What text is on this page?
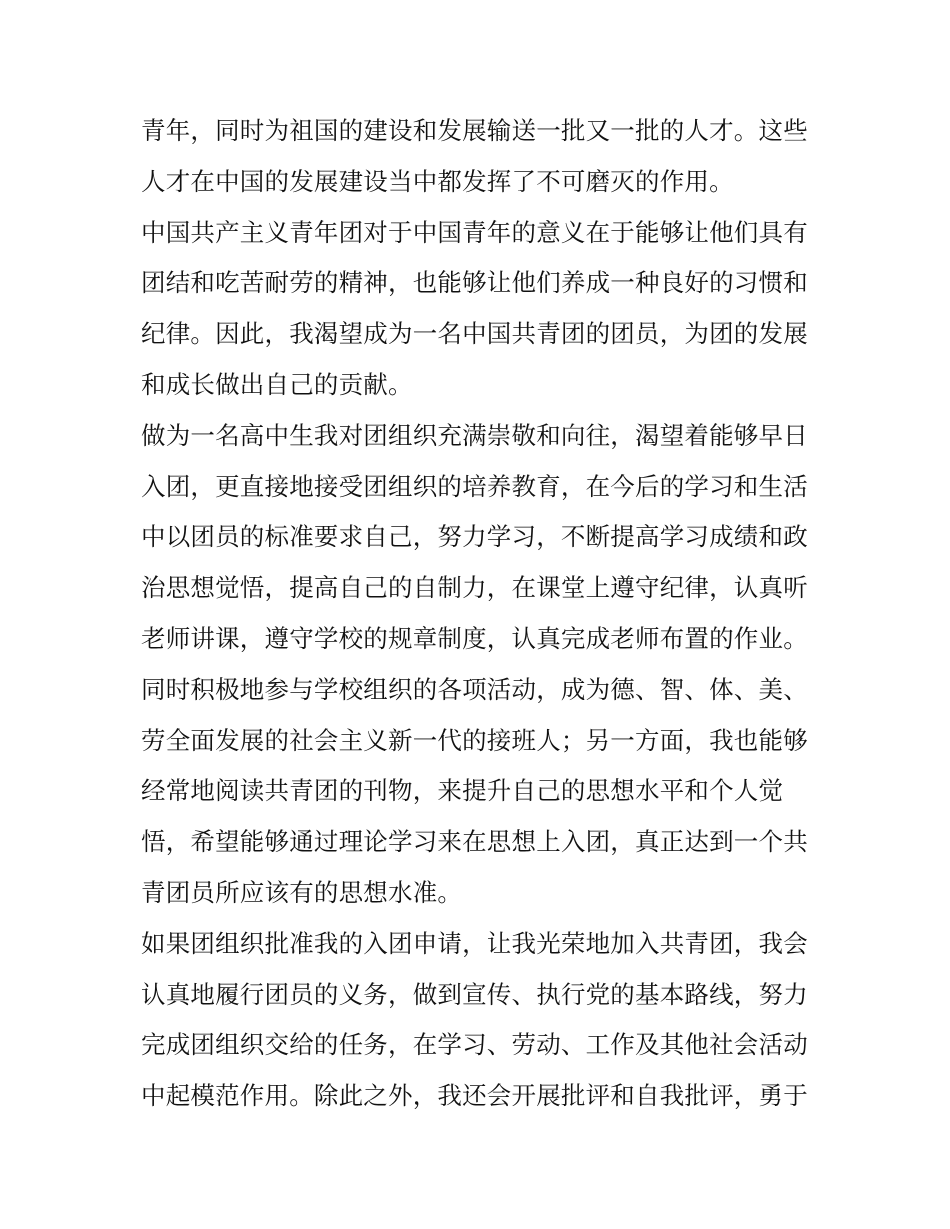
青年，同时为祖国的建设和发展输送一批又一批的人才。这些
人才在中国的发展建设当中都发挥了不可磨灭的作用。
中国共产主义青年团对于中国青年的意义在于能够让他们具有
团结和吃苦耐劳的精神，也能够让他们养成一种良好的习惯和
纪律。因此，我渴望成为一名中国共青团的团员，为团的发展
和成长做出自己的贡献。
做为一名高中生我对团组织充满崇敬和向往，渴望着能够早日
入团，更直接地接受团组织的培养教育，在今后的学习和生活
中以团员的标准要求自己，努力学习，不断提高学习成绩和政
治思想觉悟，提高自己的自制力，在课堂上遵守纪律，认真听
老师讲课，遵守学校的规章制度，认真完成老师布置的作业。
同时积极地参与学校组织的各项活动，成为德、智、体、美、
劳全面发展的社会主义新一代的接班人；另一方面，我也能够
经常地阅读共青团的刊物，来提升自己的思想水平和个人觉
悟，希望能够通过理论学习来在思想上入团，真正达到一个共
青团员所应该有的思想水准。
如果团组织批准我的入团申请，让我光荣地加入共青团，我会
认真地履行团员的义务，做到宣传、执行党的基本路线，努力
完成团组织交给的任务，在学习、劳动、工作及其他社会活动
中起模范作用。除此之外，我还会开展批评和自我批评，勇于
